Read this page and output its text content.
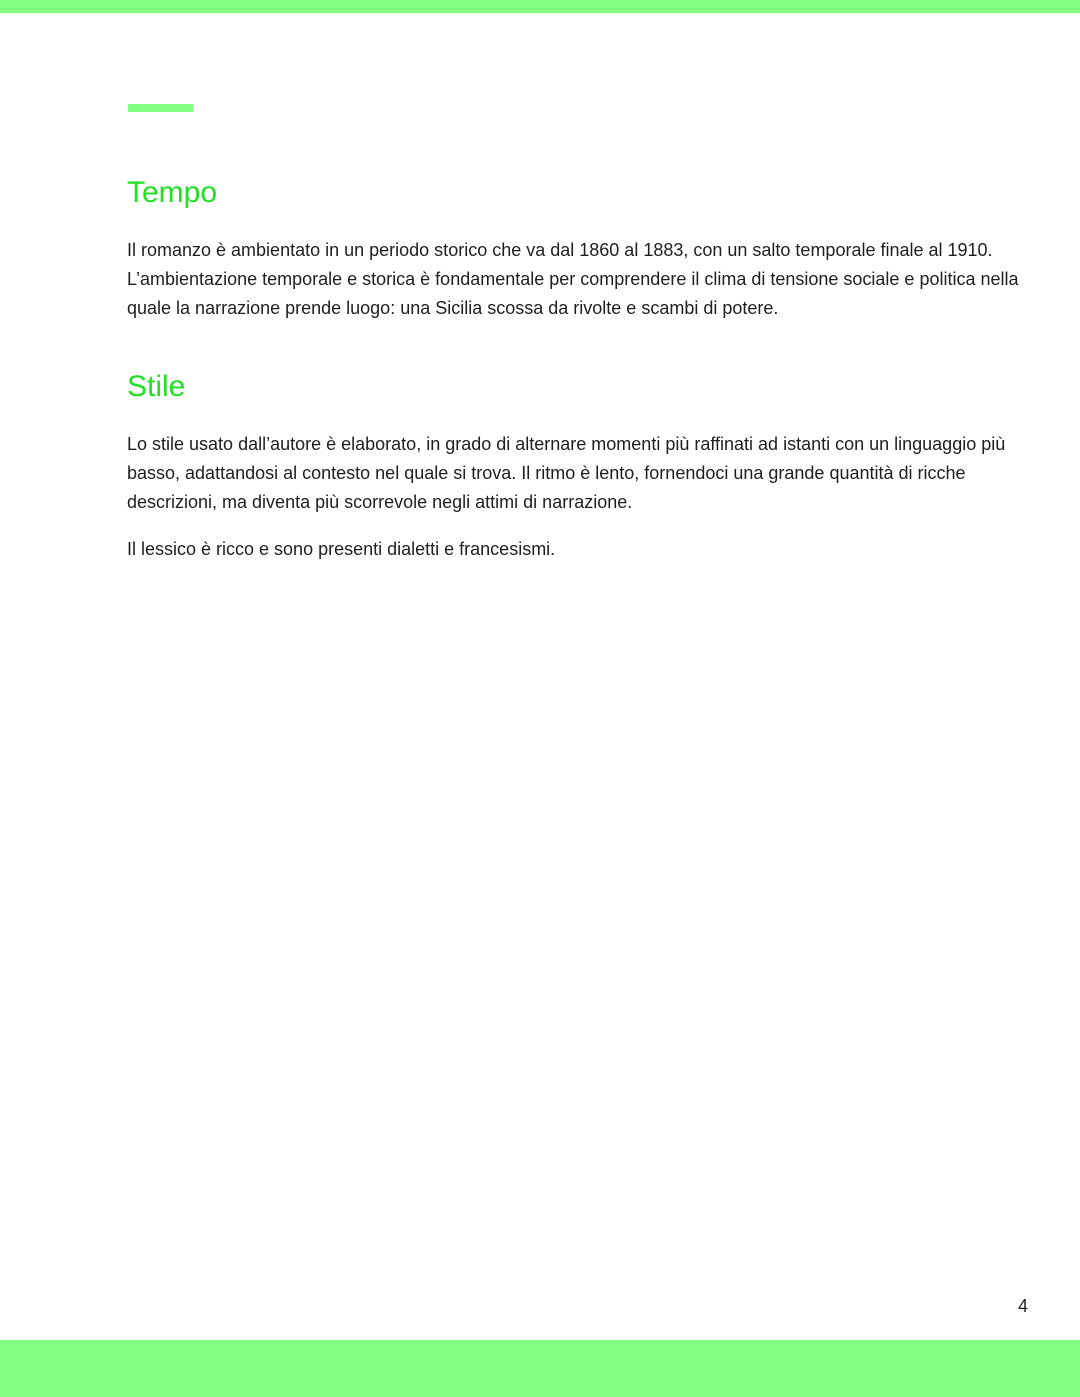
Tempo

Il romanzo è ambientato in un periodo storico che va dal 1860 al 1883, con un salto temporale finale al 1910. L’ambientazione temporale e storica è fondamentale per comprendere il clima di tensione sociale e politica nella quale la narrazione prende luogo: una Sicilia scossa da rivolte e scambi di potere.

Stile

Lo stile usato dall’autore è elaborato, in grado di alternare momenti più raffinati ad istanti con un linguaggio più basso, adattandosi al contesto nel quale si trova. Il ritmo è lento, fornendoci una grande quantità di ricche descrizioni, ma diventa più scorrevole negli attimi di narrazione.

Il lessico è ricco e sono presenti dialetti e francesismi.

4
